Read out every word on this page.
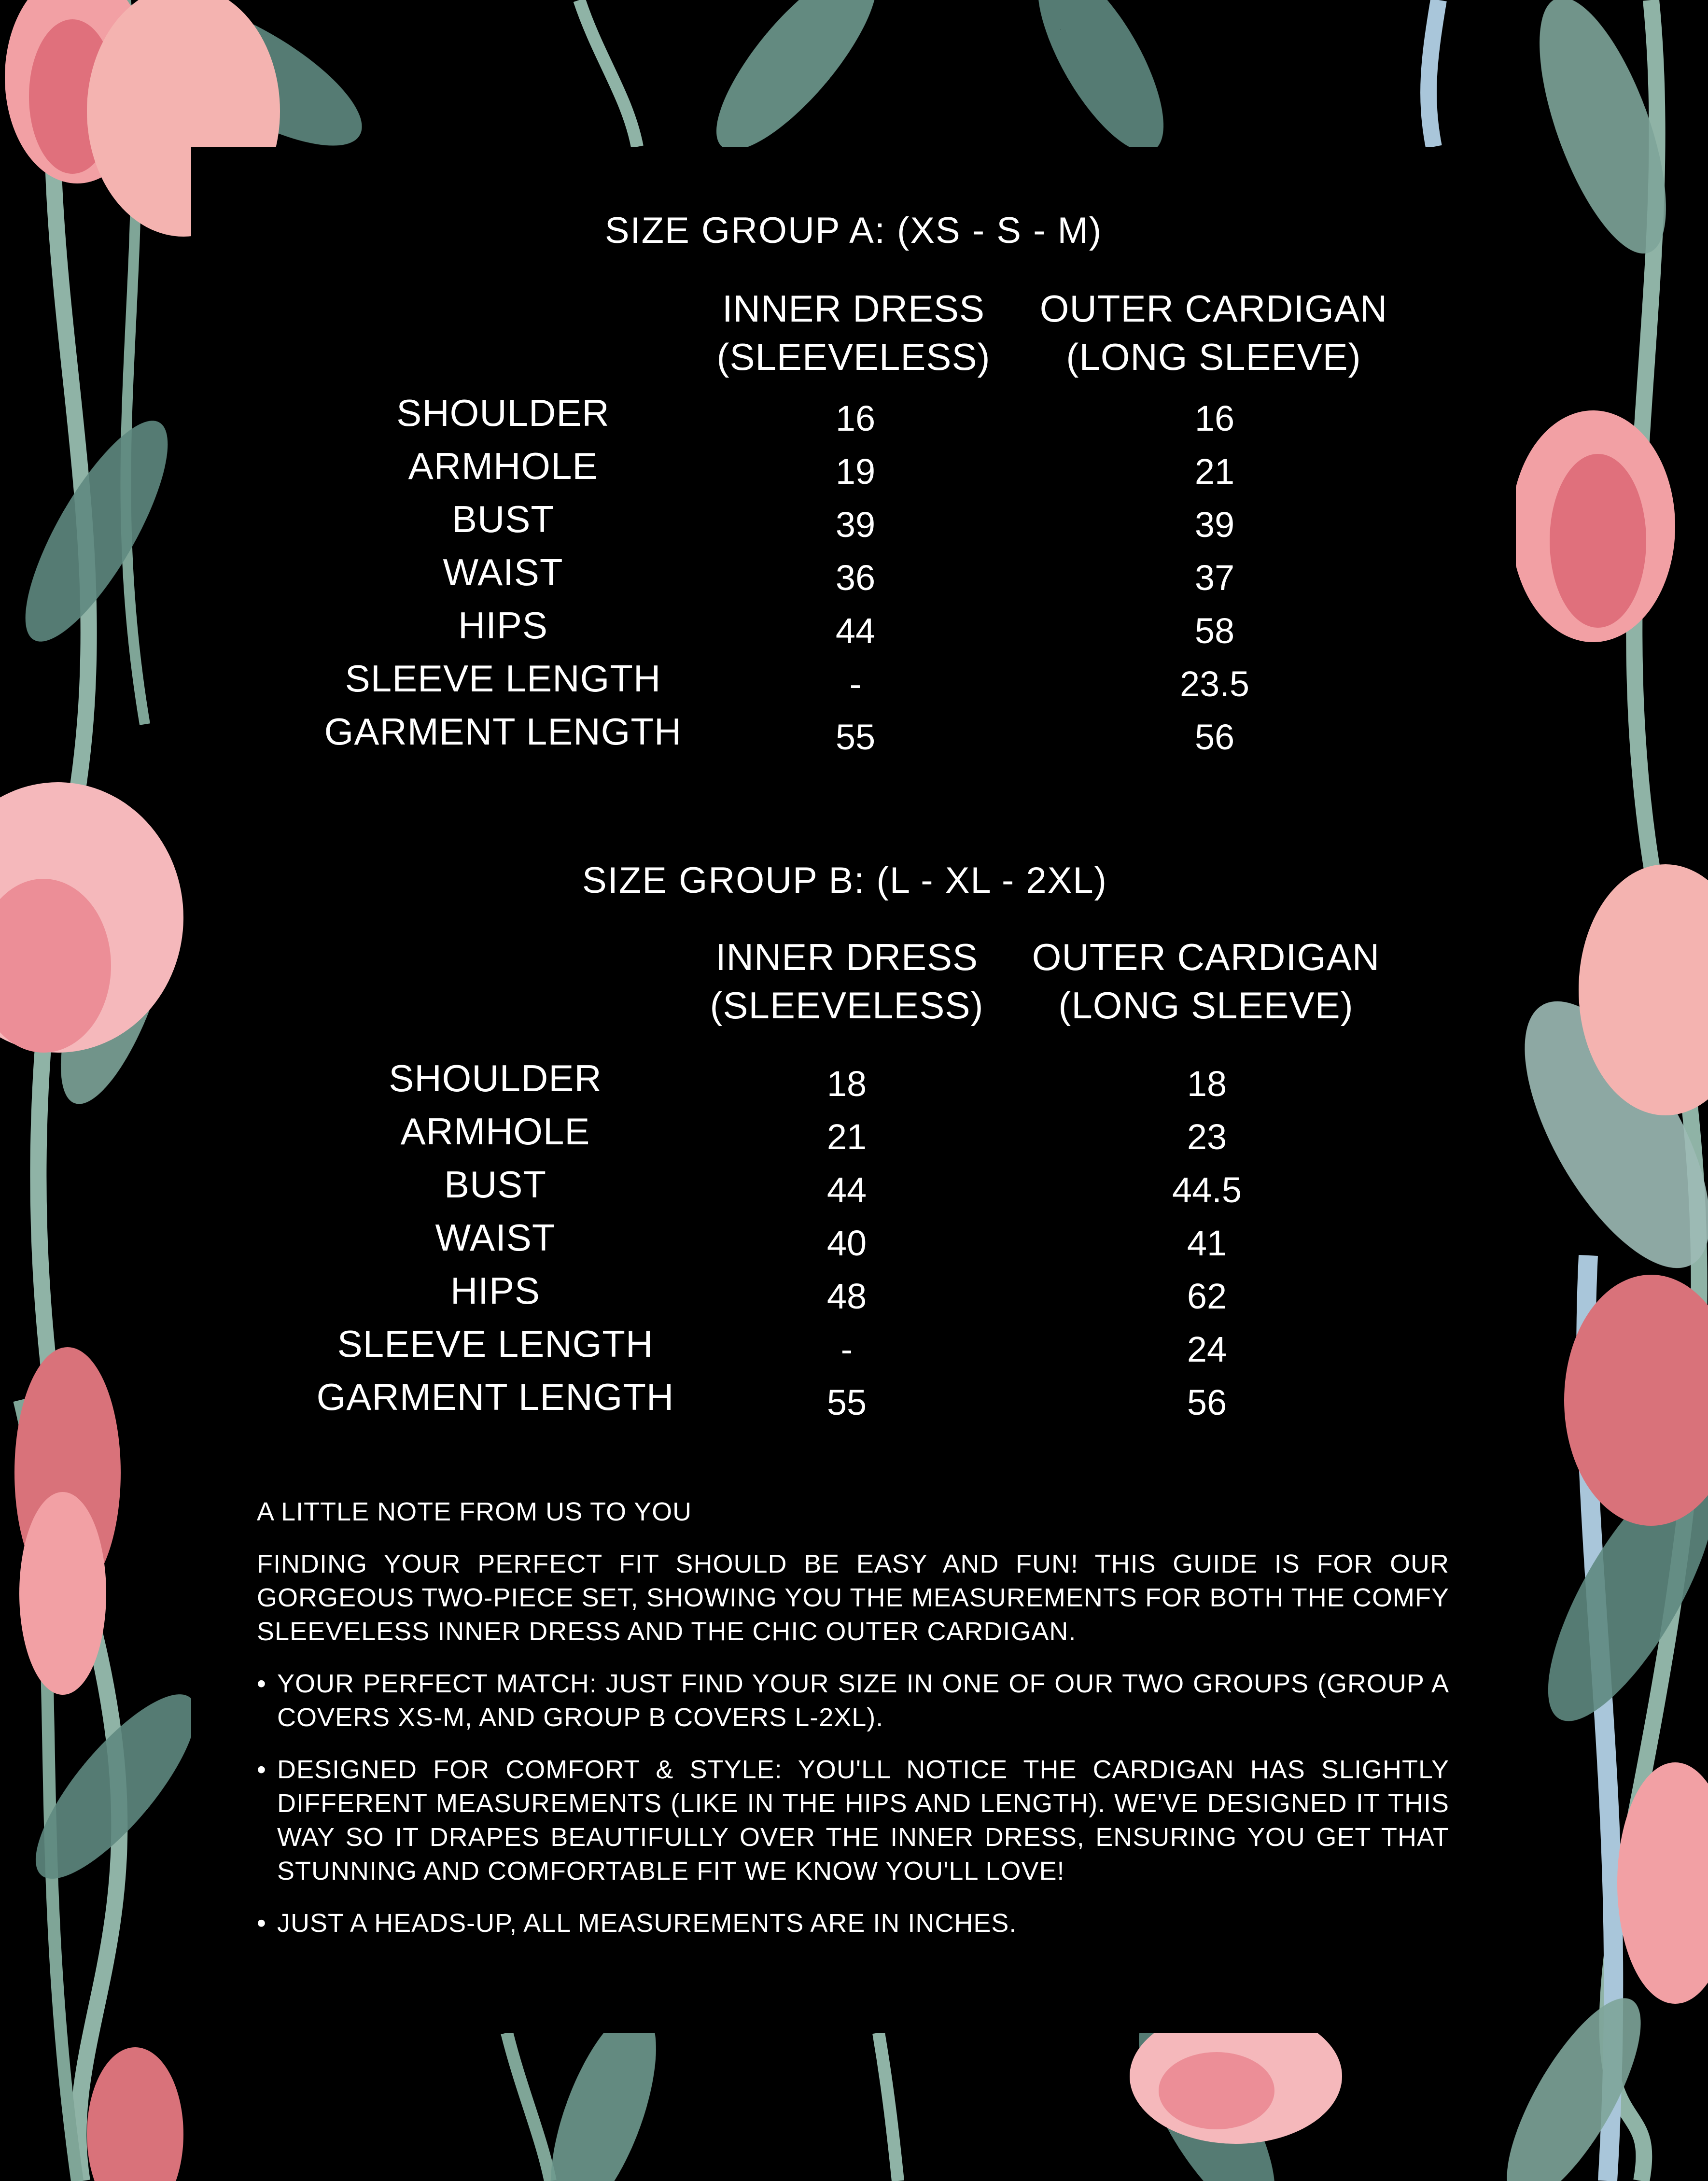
SIZE GROUP A: (XS - S - M)
INNER DRESS
(SLEEVELESS)
OUTER CARDIGAN
(LONG SLEEVE)
SHOULDER	16	16
ARMHOLE	19	21
BUST	39	39
WAIST	36	37
HIPS	44	58
SLEEVE LENGTH	-	23.5
GARMENT LENGTH	55	56
SIZE GROUP B: (L - XL - 2XL)
INNER DRESS
(SLEEVELESS)
OUTER CARDIGAN
(LONG SLEEVE)
SHOULDER	18	18
ARMHOLE	21	23
BUST	44	44.5
WAIST	40	41
HIPS	48	62
SLEEVE LENGTH	-	24
GARMENT LENGTH	55	56

A LITTLE NOTE FROM US TO YOU

FINDING YOUR PERFECT FIT SHOULD BE EASY AND FUN! THIS GUIDE IS FOR OUR GORGEOUS TWO-PIECE SET, SHOWING YOU THE MEASUREMENTS FOR BOTH THE COMFY SLEEVELESS INNER DRESS AND THE CHIC OUTER CARDIGAN.

• YOUR PERFECT MATCH: JUST FIND YOUR SIZE IN ONE OF OUR TWO GROUPS (GROUP A COVERS XS-M, AND GROUP B COVERS L-2XL).
• DESIGNED FOR COMFORT & STYLE: YOU'LL NOTICE THE CARDIGAN HAS SLIGHTLY DIFFERENT MEASUREMENTS (LIKE IN THE HIPS AND LENGTH). WE'VE DESIGNED IT THIS WAY SO IT DRAPES BEAUTIFULLY OVER THE INNER DRESS, ENSURING YOU GET THAT STUNNING AND COMFORTABLE FIT WE KNOW YOU'LL LOVE!
• JUST A HEADS-UP, ALL MEASUREMENTS ARE IN INCHES.
